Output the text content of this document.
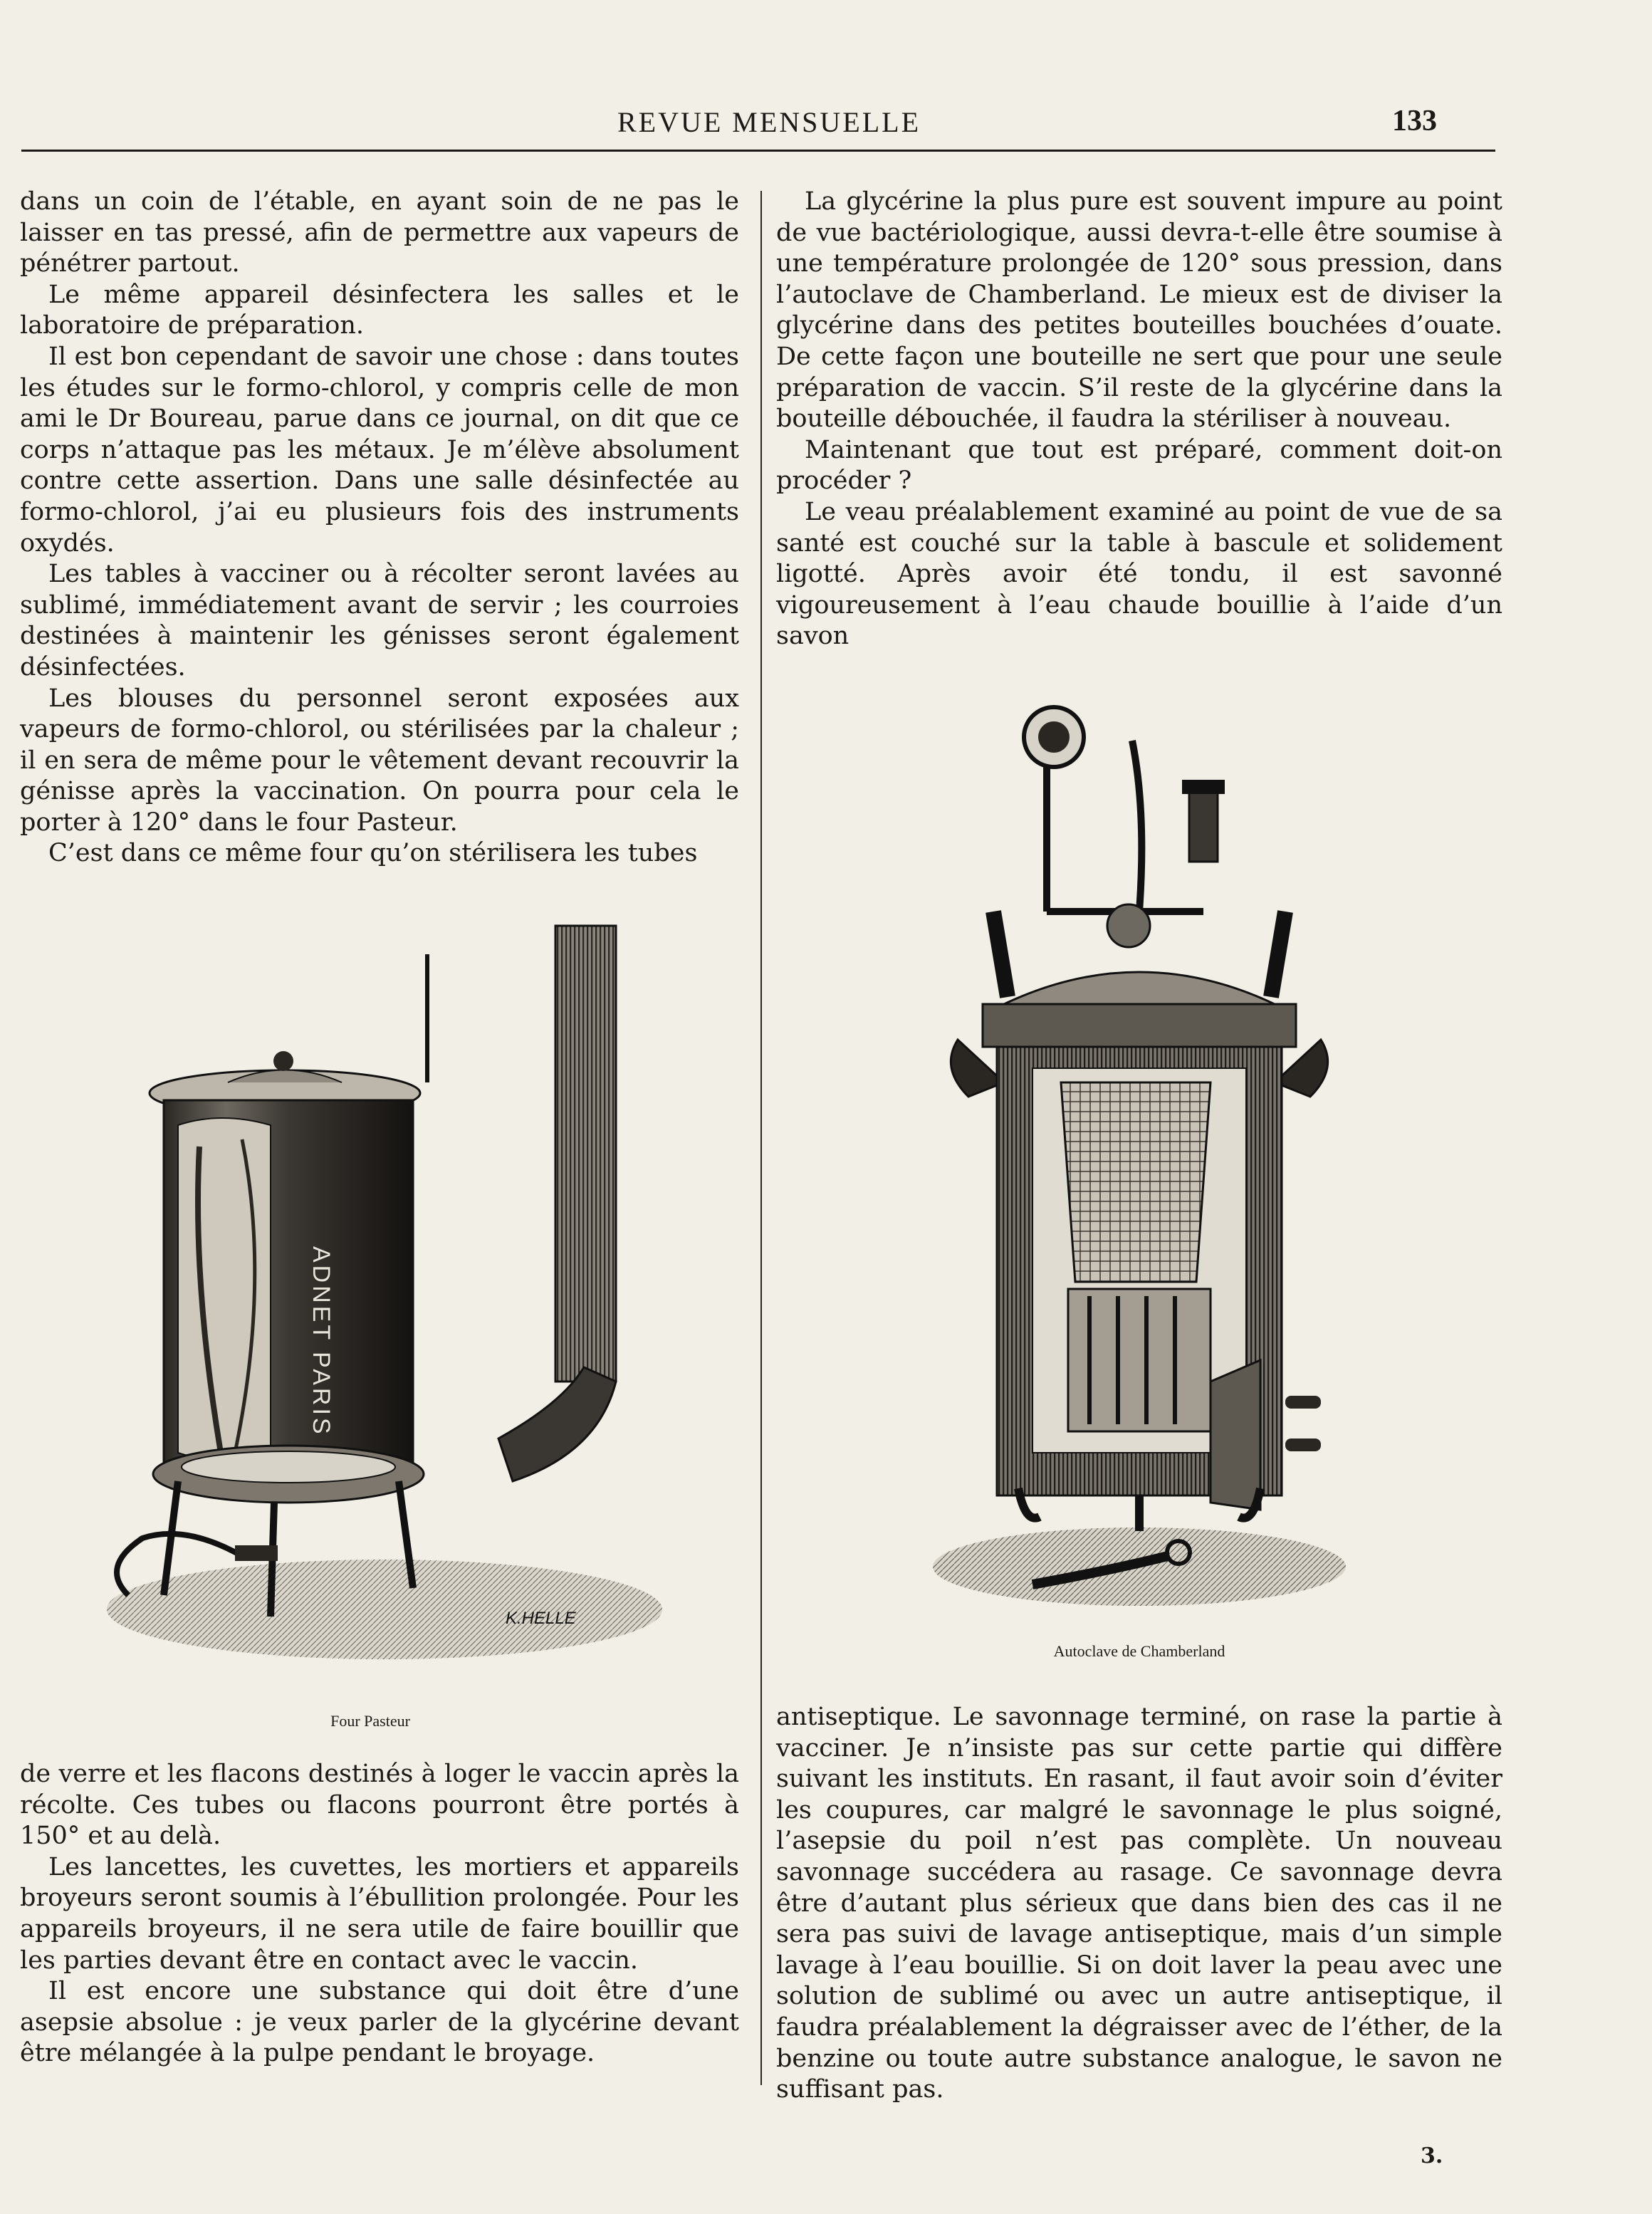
REVUE MENSUELLE	133

dans un coin de l’étable, en ayant soin de ne pas le laisser en tas pressé, afin de permettre aux vapeurs de pénétrer partout.

Le même appareil désinfectera les salles et le laboratoire de préparation.

Il est bon cependant de savoir une chose : dans toutes les études sur le formo-chlorol, y compris celle de mon ami le Dr Boureau, parue dans ce journal, on dit que ce corps n’attaque pas les métaux. Je m’élève absolument contre cette assertion. Dans une salle désinfectée au formo-chlorol, j’ai eu plusieurs fois des instruments oxydés.

Les tables à vacciner ou à récolter seront lavées au sublimé, immédiatement avant de servir ; les courroies destinées à maintenir les génisses seront également désinfectées.

Les blouses du personnel seront exposées aux vapeurs de formo-chlorol, ou stérilisées par la chaleur ; il en sera de même pour le vêtement devant recouvrir la génisse après la vaccination. On pourra pour cela le porter à 120° dans le four Pasteur.

C’est dans ce même four qu’on stérilisera les tubes

ADNET PARIS
K.HELLE
Four Pasteur

de verre et les flacons destinés à loger le vaccin après la récolte. Ces tubes ou flacons pourront être portés à 150° et au delà.

Les lancettes, les cuvettes, les mortiers et appareils broyeurs seront soumis à l’ébullition prolongée. Pour les appareils broyeurs, il ne sera utile de faire bouillir que les parties devant être en contact avec le vaccin.

Il est encore une substance qui doit être d’une asepsie absolue : je veux parler de la glycérine devant être mélangée à la pulpe pendant le broyage.

La glycérine la plus pure est souvent impure au point de vue bactériologique, aussi devra-t-elle être soumise à une température prolongée de 120° sous pression, dans l’autoclave de Chamberland. Le mieux est de diviser la glycérine dans des petites bouteilles bouchées d’ouate. De cette façon une bouteille ne sert que pour une seule préparation de vaccin. S’il reste de la glycérine dans la bouteille débouchée, il faudra la stériliser à nouveau.

Maintenant que tout est préparé, comment doit-on procéder ?

Le veau préalablement examiné au point de vue de sa santé est couché sur la table à bascule et solidement ligotté. Après avoir été tondu, il est savonné vigoureusement à l’eau chaude bouillie à l’aide d’un savon

Autoclave de Chamberland

antiseptique. Le savonnage terminé, on rase la partie à vacciner. Je n’insiste pas sur cette partie qui diffère suivant les instituts. En rasant, il faut avoir soin d’éviter les coupures, car malgré le savonnage le plus soigné, l’asepsie du poil n’est pas complète. Un nouveau savonnage succédera au rasage. Ce savonnage devra être d’autant plus sérieux que dans bien des cas il ne sera pas suivi de lavage antiseptique, mais d’un simple lavage à l’eau bouillie. Si on doit laver la peau avec une solution de sublimé ou avec un autre antiseptique, il faudra préalablement la dégraisser avec de l’éther, de la benzine ou toute autre substance analogue, le savon ne suffisant pas.

3.
